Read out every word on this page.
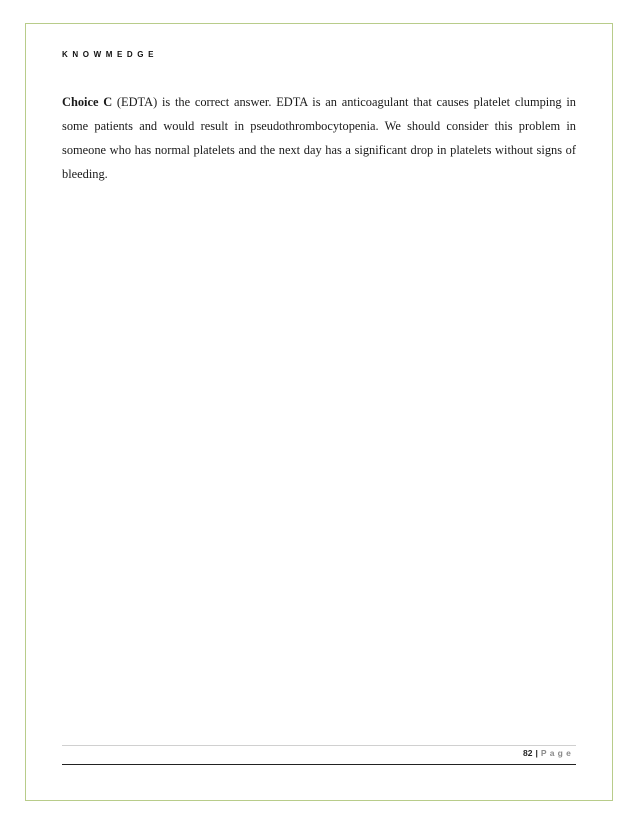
KNOWMEDGE

Choice C (EDTA) is the correct answer. EDTA is an anticoagulant that causes platelet clumping in some patients and would result in pseudothrombocytopenia. We should consider this problem in someone who has normal platelets and the next day has a significant drop in platelets without signs of bleeding.

82 | Page
